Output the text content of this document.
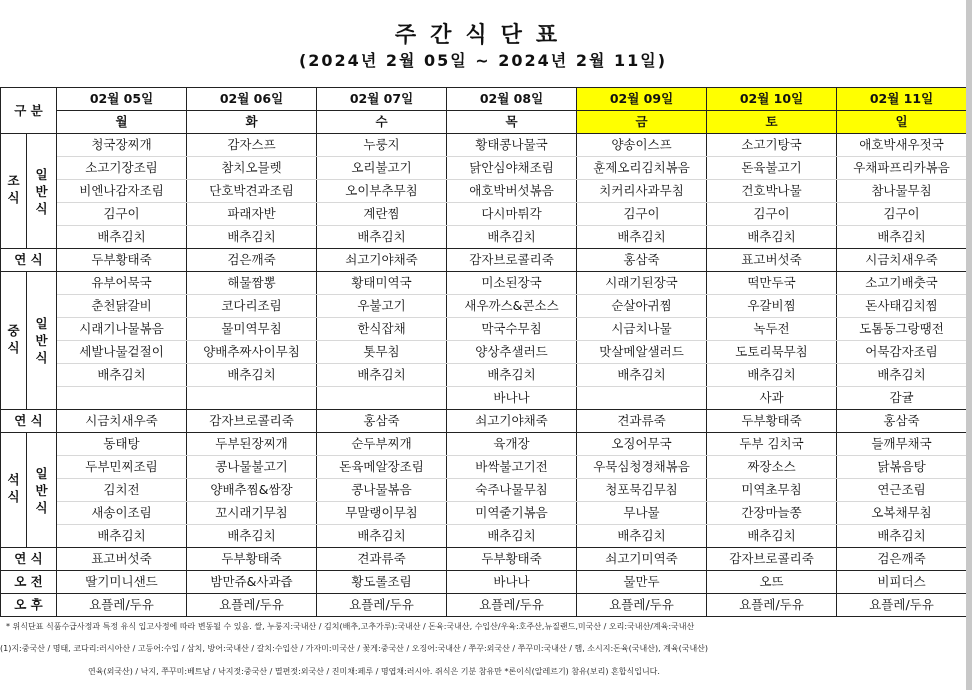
주간식단표
(2024년 2월 05일 ~ 2024년 2월 11일)
구 분		02월 05일	02월 06일	02월 07일	02월 08일	02월 09일	02월 10일	02월 11일
		월	화	수	목	금	토	일
조식	일반식	청국장찌개	감자스프	누룽지	황태콩나물국	양송이스프	소고기탕국	애호박새우젓국
		소고기장조림	참치오믈렛	오리불고기	닭안심야채조림	훈제오리김치볶음	돈육불고기	우채파프리카볶음
		비엔나감자조림	단호박견과조림	오이부추무침	애호박버섯볶음	치커리사과무침	건호박나물	참나물무침
		김구이	파래자반	계란찜	다시마튀각	김구이	김구이	김구이
		배추김치	배추김치	배추김치	배추김치	배추김치	배추김치	배추김치
연 식		두부황태죽	검은깨죽	쇠고기야채죽	감자브로콜리죽	홍삼죽	표고버섯죽	시금치새우죽
중식	일반식	유부어묵국	해물짬뽕	황태미역국	미소된장국	시래기된장국	떡만두국	소고기배춧국
		춘천닭갈비	코다리조림	우불고기	새우까스&콘소스	순살아귀찜	우갈비찜	돈사태김치찜
		시래기나물볶음	물미역무침	한식잡채	막국수무침	시금치나물	녹두전	도톰동그랑땡전
		세발나물겉절이	양배추짜사이무침	톳무침	양상추샐러드	맛살메알샐러드	도토리묵무침	어묵감자조림
		배추김치	배추김치	배추김치	배추김치	배추김치	배추김치	배추김치
					바나나		사과	감귤
연 식		시금치새우죽	감자브로콜리죽	홍삼죽	쇠고기야채죽	견과류죽	두부황태죽	홍삼죽
석식	일반식	동태탕	두부된장찌개	순두부찌개	육개장	오징어무국	두부 김치국	들깨무채국
		두부민찌조림	콩나물불고기	돈육메알장조림	바싹불고기전	우묵심청경채볶음	짜장소스	닭볶음탕
		김치전	양배추찜&쌈장	콩나물볶음	숙주나물무침	청포묵김무침	미역초무침	연근조림
		새송이조림	꼬시래기무침	무말랭이무침	미역줄기볶음	무나물	간장마늘쫑	오복채무침
		배추김치	배추김치	배추김치	배추김치	배추김치	배추김치	배추김치
연 식		표고버섯죽	두부황태죽	견과류죽	두부황태죽	쇠고기미역죽	감자브로콜리죽	검은깨죽
오 전		딸기미니샌드	밤만쥬&사과즙	황도롤조림	바나나	물만두	오뜨	비피더스
오 후		요플레/두유	요플레/두유	요플레/두유	요플레/두유	요플레/두유	요플레/두유	요플레/두유
* 위식단표 식품수급사정과 특정 유식 입고사정에 따라 변동될 수 있음. 쌀, 누룽지:국내산 / 김치(배추,고추가루):국내산 / 돈육:국내산, 수입산/우육:호주산,뉴질랜드,미국산 / 오리:국내산/계육:국내산
(1)지:중국산 / 명태, 코다리:러시아산 / 고등어:수입 / 삼치, 방어:국내산 / 갈치:수입산 / 가자미:미국산 / 꽃게:중국산 / 오징어:국내산 / 쭈꾸:외국산 / 쭈꾸미:국내산 / 햄, 소시지:돈육(국내산), 계육(국내산)
연육(외국산) / 낙지, 쭈꾸미:베트남 / 낙지젓:중국산 / 멸편젓:외국산 / 진미채:페루 / 명엽채:러시아. 쥐식은 기분 참유만 *론이식(알레르기) 참유(보리) 혼합식입니다.
